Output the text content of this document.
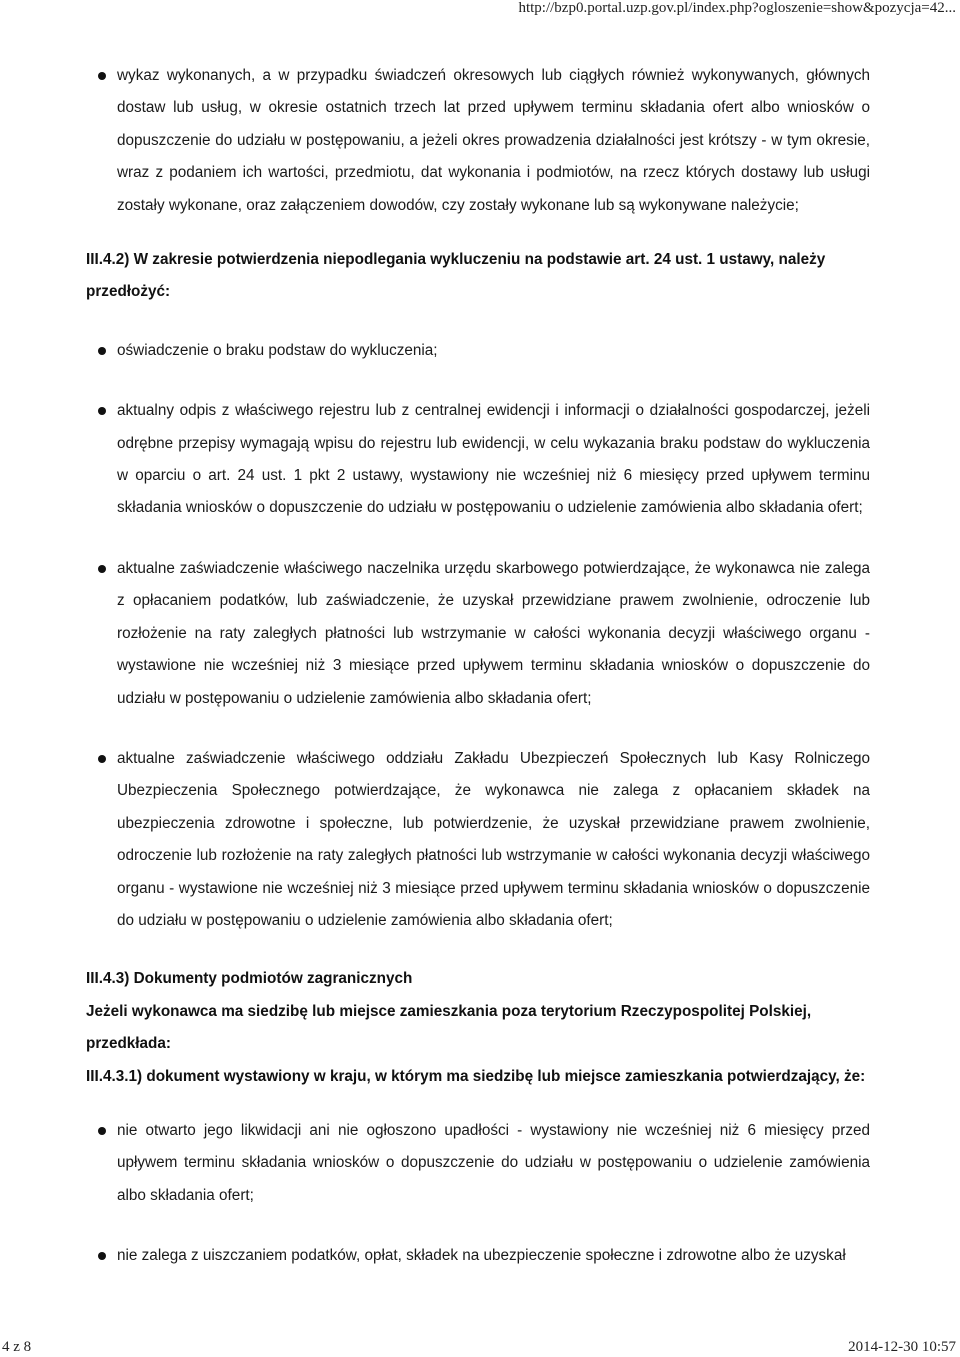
http://bzp0.portal.uzp.gov.pl/index.php?ogloszenie=show&pozycja=42...
wykaz wykonanych, a w przypadku świadczeń okresowych lub ciągłych również wykonywanych, głównych dostaw lub usług, w okresie ostatnich trzech lat przed upływem terminu składania ofert albo wniosków o dopuszczenie do udziału w postępowaniu, a jeżeli okres prowadzenia działalności jest krótszy - w tym okresie, wraz z podaniem ich wartości, przedmiotu, dat wykonania i podmiotów, na rzecz których dostawy lub usługi zostały wykonane, oraz załączeniem dowodów, czy zostały wykonane lub są wykonywane należycie;
III.4.2) W zakresie potwierdzenia niepodlegania wykluczeniu na podstawie art. 24 ust. 1 ustawy, należy przedłożyć:
oświadczenie o braku podstaw do wykluczenia;
aktualny odpis z właściwego rejestru lub z centralnej ewidencji i informacji o działalności gospodarczej, jeżeli odrębne przepisy wymagają wpisu do rejestru lub ewidencji, w celu wykazania braku podstaw do wykluczenia w oparciu o art. 24 ust. 1 pkt 2 ustawy, wystawiony nie wcześniej niż 6 miesięcy przed upływem terminu składania wniosków o dopuszczenie do udziału w postępowaniu o udzielenie zamówienia albo składania ofert;
aktualne zaświadczenie właściwego naczelnika urzędu skarbowego potwierdzające, że wykonawca nie zalega z opłacaniem podatków, lub zaświadczenie, że uzyskał przewidziane prawem zwolnienie, odroczenie lub rozłożenie na raty zaległych płatności lub wstrzymanie w całości wykonania decyzji właściwego organu - wystawione nie wcześniej niż 3 miesiące przed upływem terminu składania wniosków o dopuszczenie do udziału w postępowaniu o udzielenie zamówienia albo składania ofert;
aktualne zaświadczenie właściwego oddziału Zakładu Ubezpieczeń Społecznych lub Kasy Rolniczego Ubezpieczenia Społecznego potwierdzające, że wykonawca nie zalega z opłacaniem składek na ubezpieczenia zdrowotne i społeczne, lub potwierdzenie, że uzyskał przewidziane prawem zwolnienie, odroczenie lub rozłożenie na raty zaległych płatności lub wstrzymanie w całości wykonania decyzji właściwego organu - wystawione nie wcześniej niż 3 miesiące przed upływem terminu składania wniosków o dopuszczenie do udziału w postępowaniu o udzielenie zamówienia albo składania ofert;
III.4.3) Dokumenty podmiotów zagranicznych
Jeżeli wykonawca ma siedzibę lub miejsce zamieszkania poza terytorium Rzeczypospolitej Polskiej, przedkłada:
III.4.3.1) dokument wystawiony w kraju, w którym ma siedzibę lub miejsce zamieszkania potwierdzający, że:
nie otwarto jego likwidacji ani nie ogłoszono upadłości - wystawiony nie wcześniej niż 6 miesięcy przed upływem terminu składania wniosków o dopuszczenie do udziału w postępowaniu o udzielenie zamówienia albo składania ofert;
nie zalega z uiszczaniem podatków, opłat, składek na ubezpieczenie społeczne i zdrowotne albo że uzyskał
4 z 8	2014-12-30 10:57
